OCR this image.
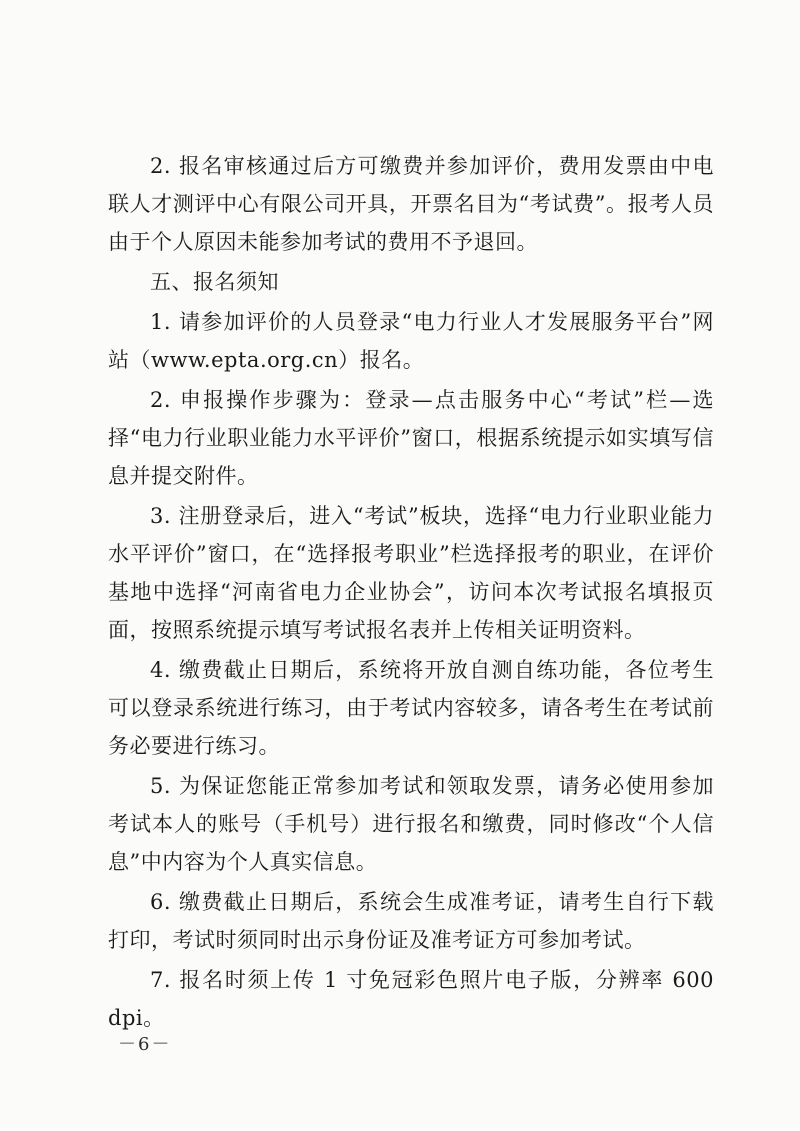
2. 报名审核通过后方可缴费并参加评价，费用发票由中电联人才测评中心有限公司开具，开票名目为“考试费”。报考人员由于个人原因未能参加考试的费用不予退回。

五、报名须知

1. 请参加评价的人员登录“电力行业人才发展服务平台”网站（www.epta.org.cn）报名。

2. 申报操作步骤为：登录—点击服务中心“考试”栏—选择“电力行业职业能力水平评价”窗口，根据系统提示如实填写信息并提交附件。

3. 注册登录后，进入“考试”板块，选择“电力行业职业能力水平评价”窗口，在“选择报考职业”栏选择报考的职业，在评价基地中选择“河南省电力企业协会”，访问本次考试报名填报页面，按照系统提示填写考试报名表并上传相关证明资料。

4. 缴费截止日期后，系统将开放自测自练功能，各位考生可以登录系统进行练习，由于考试内容较多，请各考生在考试前务必要进行练习。

5. 为保证您能正常参加考试和领取发票，请务必使用参加考试本人的账号（手机号）进行报名和缴费，同时修改“个人信息”中内容为个人真实信息。

6. 缴费截止日期后，系统会生成准考证，请考生自行下载打印，考试时须同时出示身份证及准考证方可参加考试。

7. 报名时须上传 1 寸免冠彩色照片电子版，分辨率 600 dpi。

－6－
